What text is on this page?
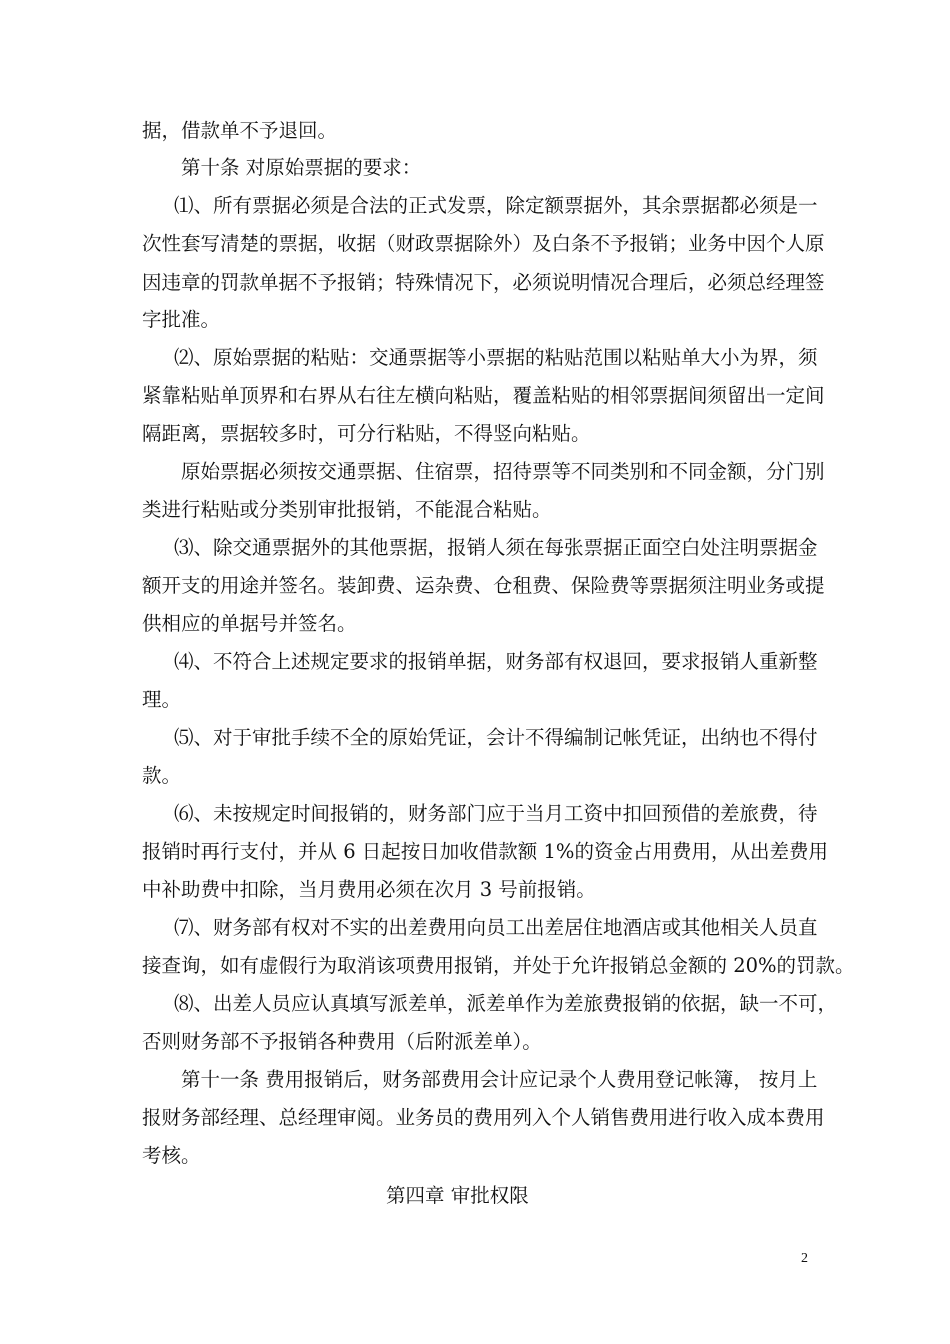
据，借款单不予退回。
第十条 对原始票据的要求：
⑴、所有票据必须是合法的正式发票，除定额票据外，其余票据都必须是一
次性套写清楚的票据，收据（财政票据除外）及白条不予报销；业务中因个人原
因违章的罚款单据不予报销；特殊情况下，必须说明情况合理后，必须总经理签
字批准。
⑵、原始票据的粘贴：交通票据等小票据的粘贴范围以粘贴单大小为界，须
紧靠粘贴单顶界和右界从右往左横向粘贴，覆盖粘贴的相邻票据间须留出一定间
隔距离，票据较多时，可分行粘贴，不得竖向粘贴。
原始票据必须按交通票据、住宿票，招待票等不同类别和不同金额，分门别
类进行粘贴或分类别审批报销，不能混合粘贴。
⑶、除交通票据外的其他票据，报销人须在每张票据正面空白处注明票据金
额开支的用途并签名。装卸费、运杂费、仓租费、保险费等票据须注明业务或提
供相应的单据号并签名。
⑷、不符合上述规定要求的报销单据，财务部有权退回，要求报销人重新整
理。
⑸、对于审批手续不全的原始凭证，会计不得编制记帐凭证，出纳也不得付
款。
⑹、未按规定时间报销的，财务部门应于当月工资中扣回预借的差旅费，待
报销时再行支付，并从 6 日起按日加收借款额 1%的资金占用费用，从出差费用
中补助费中扣除，当月费用必须在次月 3 号前报销。
⑺、财务部有权对不实的出差费用向员工出差居住地酒店或其他相关人员直
接查询，如有虚假行为取消该项费用报销，并处于允许报销总金额的 20%的罚款。
⑻、出差人员应认真填写派差单，派差单作为差旅费报销的依据，缺一不可，
否则财务部不予报销各种费用（后附派差单）。
第十一条 费用报销后，财务部费用会计应记录个人费用登记帐簿， 按月上
报财务部经理、总经理审阅。业务员的费用列入个人销售费用进行收入成本费用
考核。
第四章 审批权限
2
